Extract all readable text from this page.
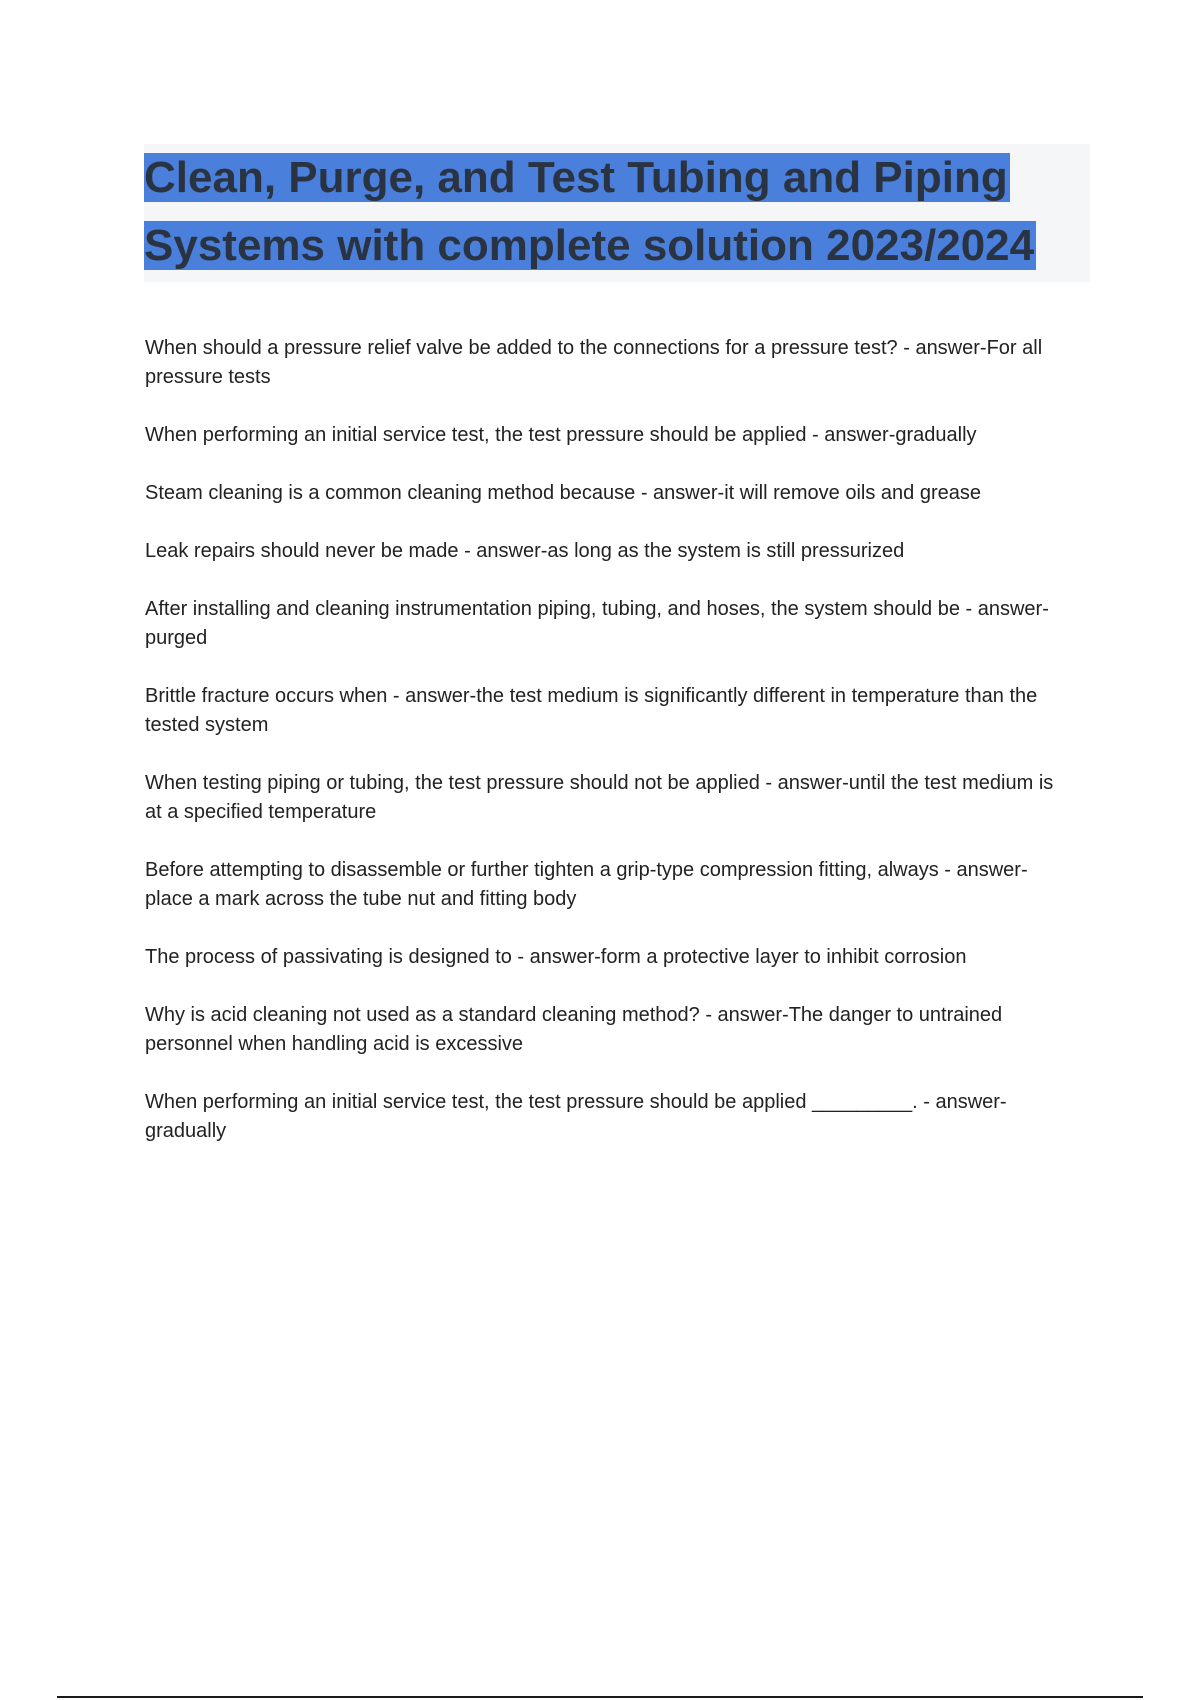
Clean, Purge, and Test Tubing and Piping Systems with complete solution 2023/2024
When should a pressure relief valve be added to the connections for a pressure test? - answer-For all pressure tests
When performing an initial service test, the test pressure should be applied - answer-gradually
Steam cleaning is a common cleaning method because - answer-it will remove oils and grease
Leak repairs should never be made - answer-as long as the system is still pressurized
After installing and cleaning instrumentation piping, tubing, and hoses, the system should be - answer-purged
Brittle fracture occurs when - answer-the test medium is significantly different in temperature than the tested system
When testing piping or tubing, the test pressure should not be applied - answer-until the test medium is at a specified temperature
Before attempting to disassemble or further tighten a grip-type compression fitting, always - answer-place a mark across the tube nut and fitting body
The process of passivating is designed to - answer-form a protective layer to inhibit corrosion
Why is acid cleaning not used as a standard cleaning method? - answer-The danger to untrained personnel when handling acid is excessive
When performing an initial service test, the test pressure should be applied _________. - answer-gradually
